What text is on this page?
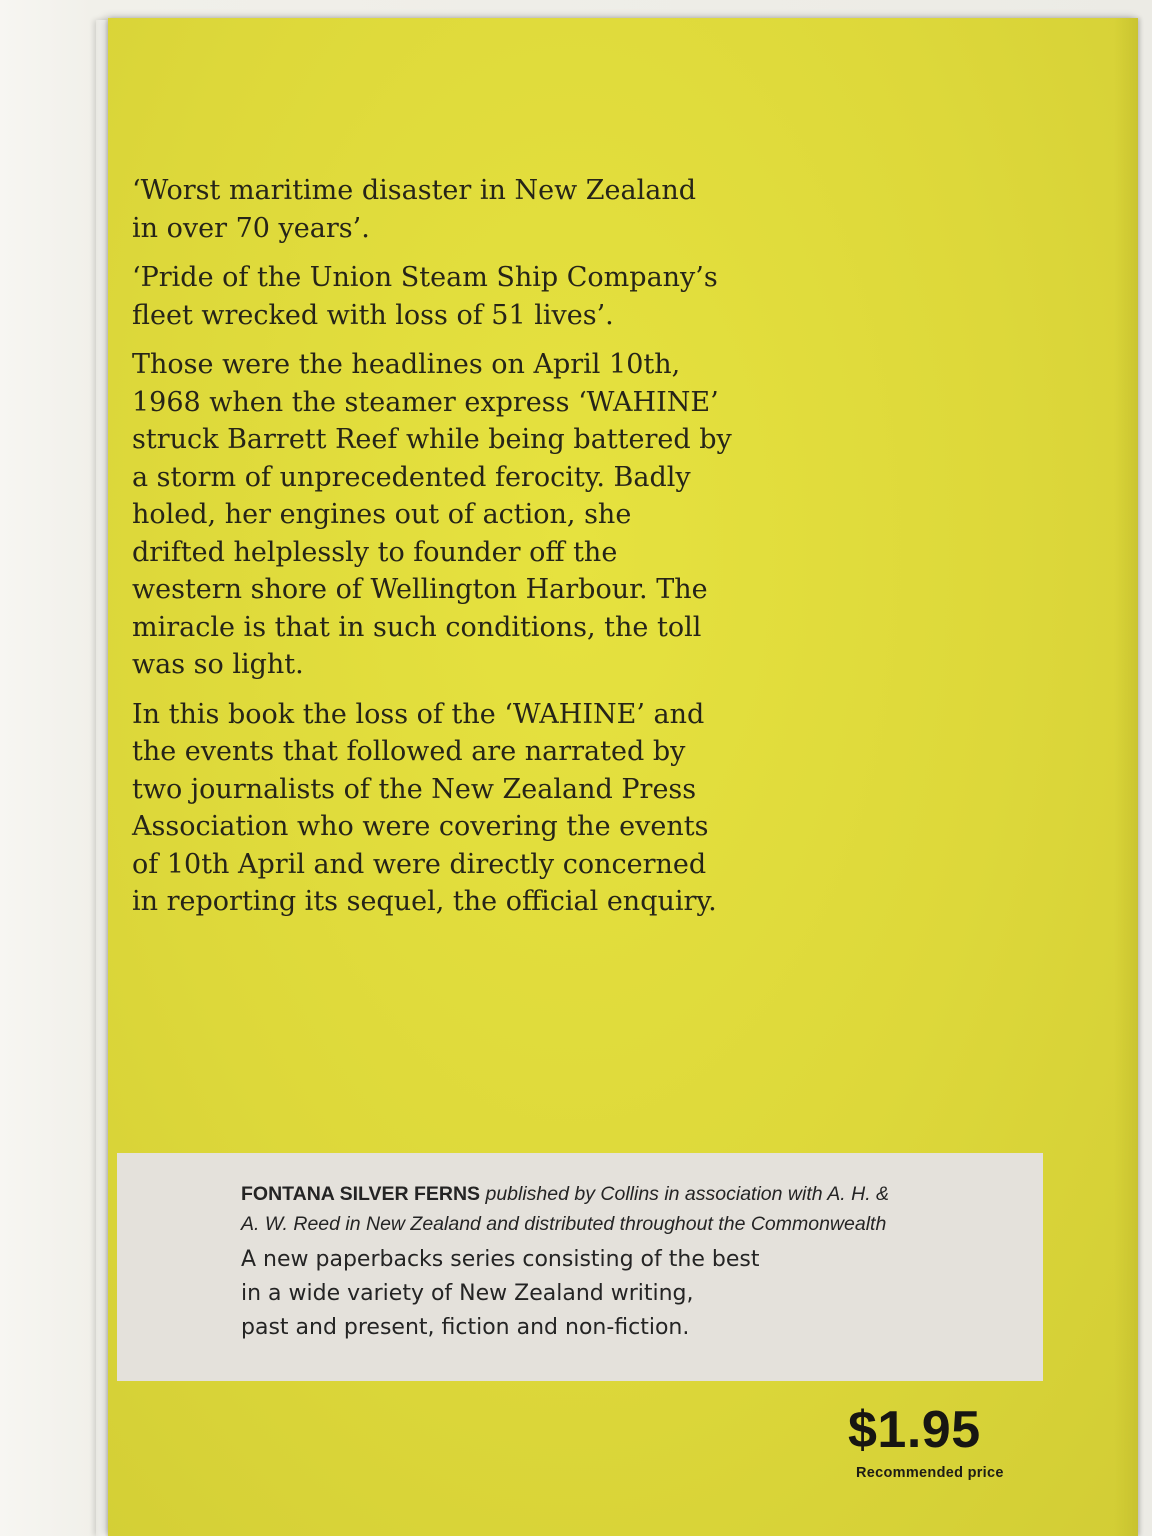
‘Worst maritime disaster in New Zealand
in over 70 years’.

‘Pride of the Union Steam Ship Company’s
fleet wrecked with loss of 51 lives’.

Those were the headlines on April 10th,
1968 when the steamer express ‘WAHINE’
struck Barrett Reef while being battered by
a storm of unprecedented ferocity. Badly
holed, her engines out of action, she
drifted helplessly to founder off the
western shore of Wellington Harbour. The
miracle is that in such conditions, the toll
was so light.

In this book the loss of the ‘WAHINE’ and
the events that followed are narrated by
two journalists of the New Zealand Press
Association who were covering the events
of 10th April and were directly concerned
in reporting its sequel, the official enquiry.

FONTANA SILVER FERNS published by Collins in association with A. H. &
A. W. Reed in New Zealand and distributed throughout the Commonwealth
A new paperbacks series consisting of the best
in a wide variety of New Zealand writing,
past and present, fiction and non-fiction.
$1.95
Recommended price
